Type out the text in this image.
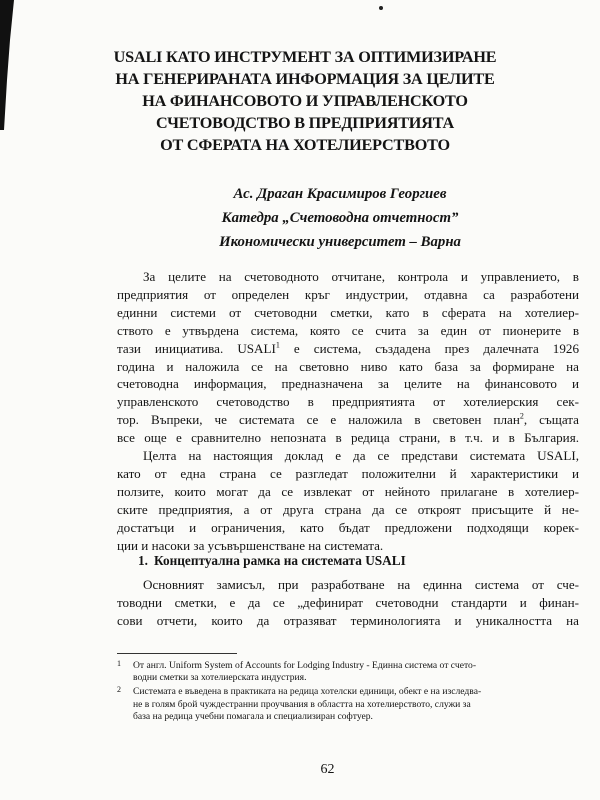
USALI КАТО ИНСТРУМЕНТ ЗА ОПТИМИЗИРАНЕ
НА ГЕНЕРИРАНАТА ИНФОРМАЦИЯ ЗА ЦЕЛИТЕ
НА ФИНАНСОВОТО И УПРАВЛЕНСКОТО
СЧЕТОВОДСТВО В ПРЕДПРИЯТИЯТА
ОТ СФЕРАТА НА ХОТЕЛИЕРСТВОТО
Ас. Драган Красимиров Георгиев
Катедра „Счетоводна отчетност”
Икономически университет – Варна
За целите на счетоводното отчитане, контрола и управлението, в
предприятия от определен кръг индустрии, отдавна са разработени
единни системи от счетоводни сметки, като в сферата на хотелиер-
ството е утвърдена система, която се счита за един от пионерите в
тази инициатива. USALI$^1$ е система, създадена през далечната 1926
година и наложила се на световно ниво като база за формиране на
счетоводна информация, предназначена за целите на финансовото и
управленското счетоводство в предприятията от хотелиерския сек-
тор. Въпреки, че системата се е наложила в световен план$^2$, същата
все още е сравнително непозната в редица страни, в т.ч. и в България.
Целта на настоящия доклад е да се представи системата USALI,
като от една страна се разгледат положителни й характеристики и
ползите, които могат да се извлекат от нейното прилагане в хотелиер-
ските предприятия, а от друга страна да се откроят присъщите й не-
достатъци и ограничения, като бъдат предложени подходящи корек-
ции и насоки за усъвършенстване на системата.
1. Концептуална рамка на системата USALI
Основният замисъл, при разработване на единна система от сче-
товодни сметки, е да се „дефинират счетоводни стандарти и финан-
сови отчети, които да отразяват терминологията и уникалността на
1 От англ. Uniform System of Accounts for Lodging Industry - Единна система от счето-
водни сметки за хотелиерската индустрия.
2 Системата е въведена в практиката на редица хотелски единици, обект е на изследва-
не в голям брой чуждестранни проучвания в областта на хотелиерството, служи за
база на редица учебни помагала и специализиран софтуер.
62
